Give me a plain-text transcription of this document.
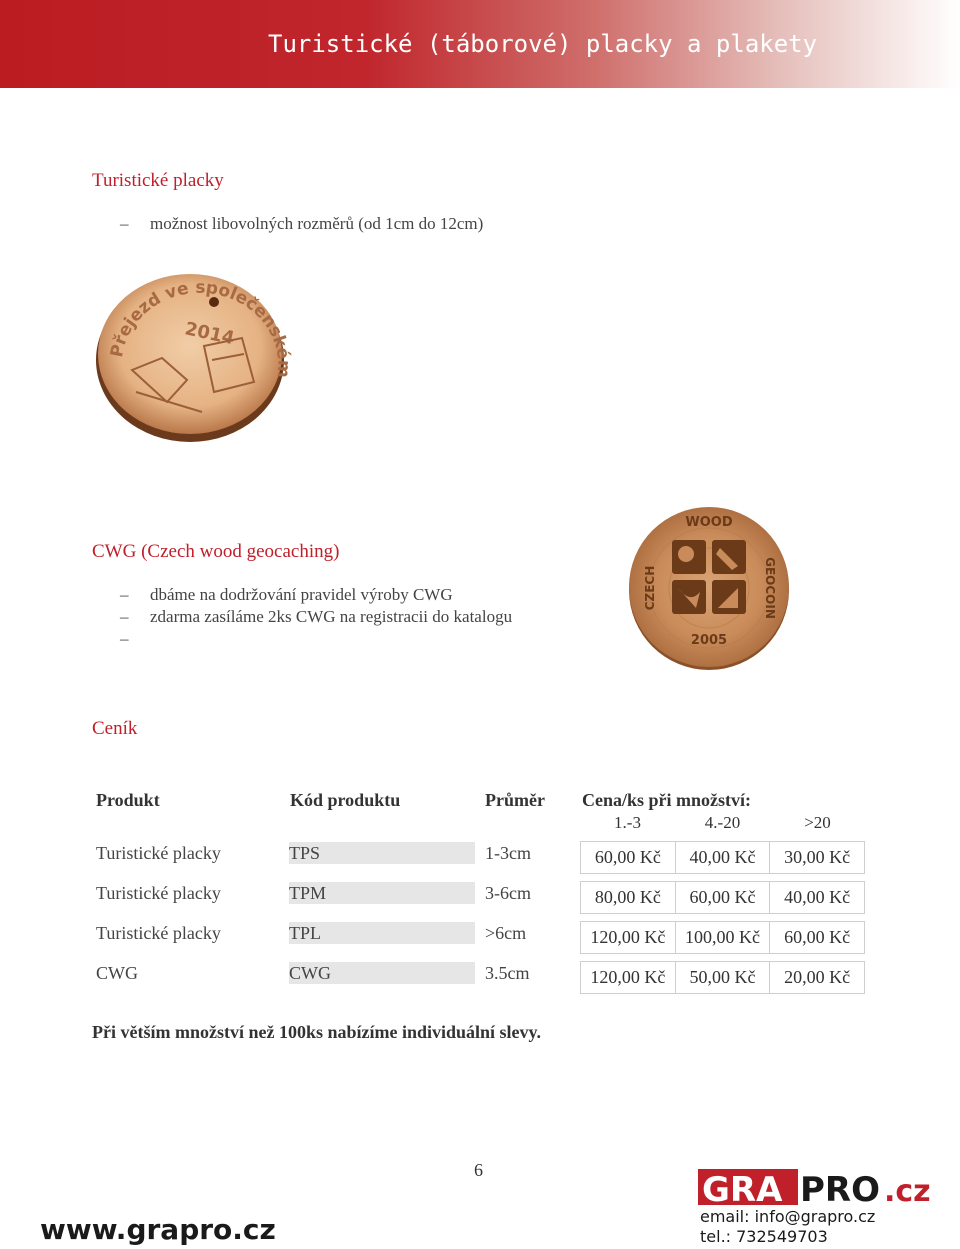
Turistické (táborové) placky a plakety
Turistické placky
– možnost libovolných rozměrů (od 1cm do 12cm)
Přejezd ve společenském
2014
CWG (Czech wood geocaching)
– dbáme na dodržování pravidel výroby CWG
– zdarma zasíláme 2ks CWG na registracii do katalogu
–
WOOD
2005
CZECH	GEOCOIN
Ceník
Produkt	Kód produktu	Průměr Cena/ks při množství:
1.-3	4.-20	>20
Turistické placky	TPS	1-3cm	60,00 Kč	40,00 Kč	30,00 Kč
Turistické placky	TPM	3-6cm	80,00 Kč	60,00 Kč	40,00 Kč
Turistické placky	TPL	>6cm	120,00 Kč	100,00 Kč	60,00 Kč
CWG	CWG	3.5cm	120,00 Kč	50,00 Kč	20,00 Kč
Při větším množství než 100ks nabízíme individuální slevy.
6
www.grapro.cz
GRA PRO .cz
email: info@grapro.cz
tel.: 732549703
